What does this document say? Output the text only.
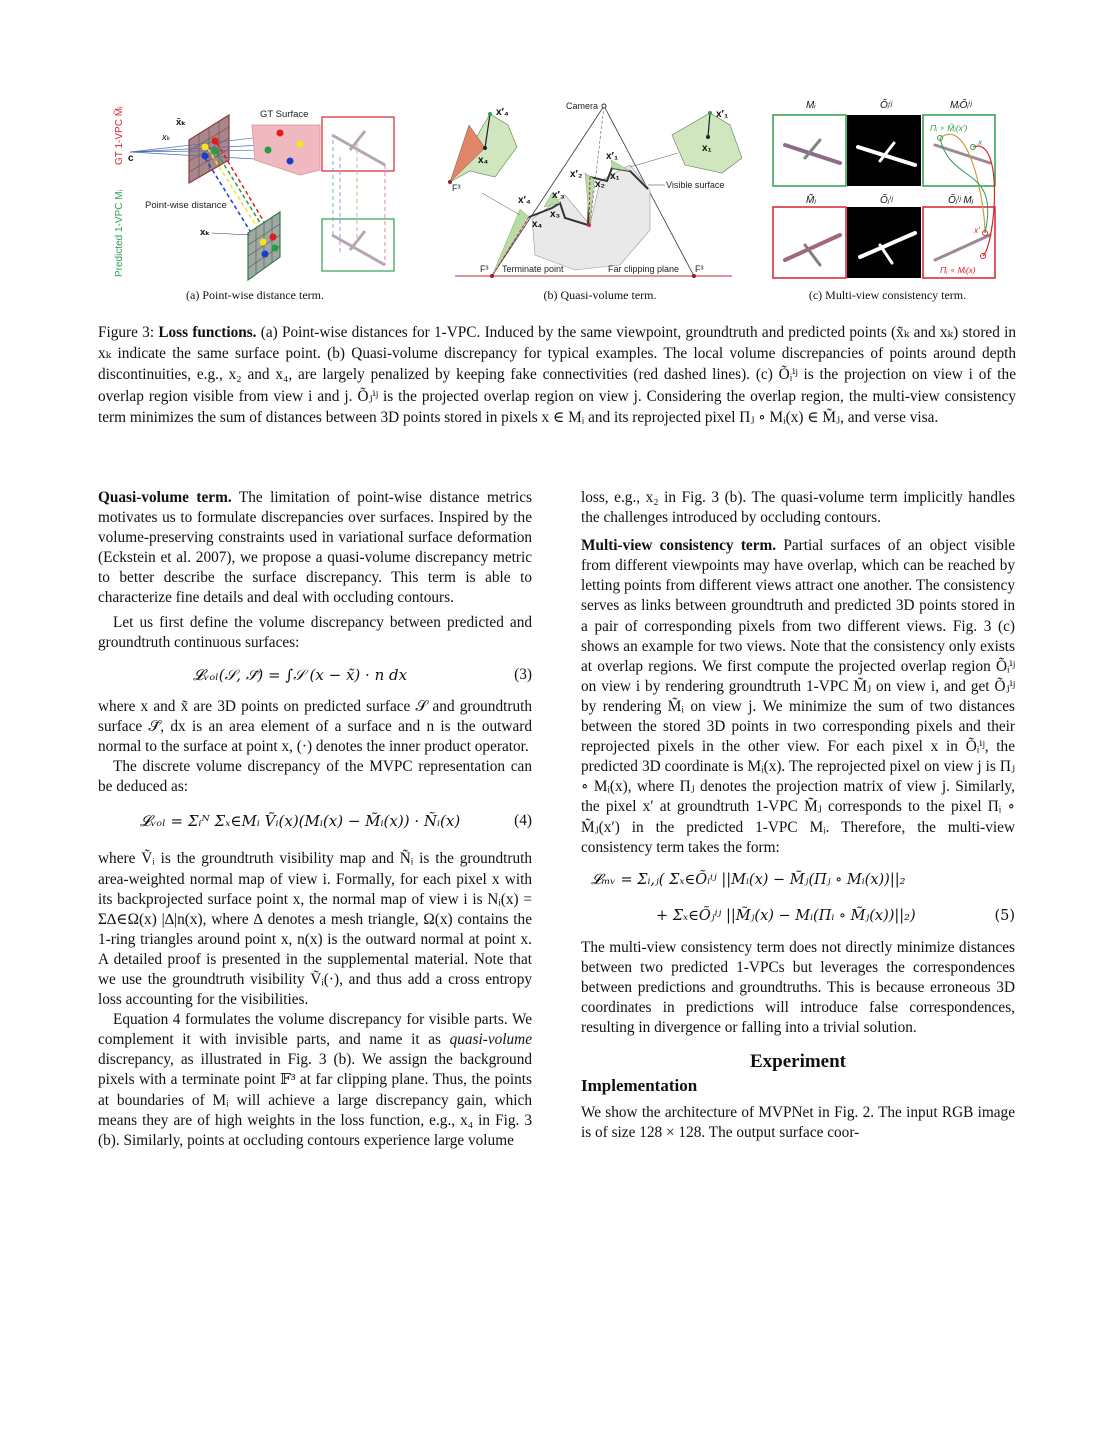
GT 1-VPC M̃ᵢ
Predicted 1-VPC Mᵢ
c
GT Surface
x̃ₖ
xₖ
Point-wise distance
xₖ
(a) Point-wise distance term.
Camera
x′₄
x₄
x′₃
x₃
x′₂
x₂
x′₁
x₁
Visible surface
F³ Terminate point	Far clipping plane F³
x′₄
x₄
F³
x′₁
x₁
(b) Quasi-volume term.
Mᵢ	Õᵢⁱʲ	MᵢÕᵢⁱʲ
M̃ⱼ	Õⱼⁱʲ	Õⱼⁱʲ Mⱼ
Πᵢ ∘ M̃ⱼ(x′)
x
x′
Πⱼ ∘ Mᵢ(x)
(c) Multi-view consistency term.
Figure 3: Loss functions. (a) Point-wise distances for 1-VPC. Induced by the same viewpoint, groundtruth and predicted points (x̃ₖ and xₖ) stored in xₖ indicate the same surface point. (b) Quasi-volume discrepancy for typical examples. The local volume discrepancies of points around depth discontinuities, e.g., x₂ and x₄, are largely penalized by keeping fake connectivities (red dashed lines). (c) Õᵢⁱʲ is the projection on view i of the overlap region visible from view i and j. Õⱼⁱʲ is the projected overlap region on view j. Considering the overlap region, the multi-view consistency term minimizes the sum of distances between 3D points stored in pixels x ∈ Mᵢ and its reprojected pixel Πⱼ ∘ Mᵢ(x) ∈ M̃ⱼ, and verse visa.

Quasi-volume term. The limitation of point-wise distance metrics motivates us to formulate discrepancies over surfaces. Inspired by the volume-preserving constraints used in variational surface deformation (Eckstein et al. 2007), we propose a quasi-volume discrepancy metric to better describe the surface discrepancy. This term is able to characterize fine details and deal with occluding contours.

Let us first define the volume discrepancy between predicted and groundtruth continuous surfaces:

𝓛ᵥₒₗ(𝒮, 𝒮̃) = ∫𝒮 (x − x̃) · n dx	(3)

where x and x̃ are 3D points on predicted surface 𝒮 and groundtruth surface 𝒮̃, dx is an area element of a surface and n is the outward normal to the surface at point x, (·) denotes the inner product operator.

The discrete volume discrepancy of the MVPC representation can be deduced as:

𝓛ᵥₒₗ = Σᵢᴺ Σₓ∈Mᵢ Ṽᵢ(x)(Mᵢ(x) − M̃ᵢ(x)) · Ñᵢ(x)	(4)

where Ṽᵢ is the groundtruth visibility map and Ñᵢ is the groundtruth area-weighted normal map of view i. Formally, for each pixel x with its backprojected surface point x, the normal map of view i is Nᵢ(x) = Σ∆∈Ω(x) |∆|n(x), where ∆ denotes a mesh triangle, Ω(x) contains the 1-ring triangles around point x, n(x) is the outward normal at point x. A detailed proof is presented in the supplemental material. Note that we use the groundtruth visibility Ṽᵢ(·), and thus add a cross entropy loss accounting for the visibilities.

Equation 4 formulates the volume discrepancy for visible parts. We complement it with invisible parts, and name it as quasi-volume discrepancy, as illustrated in Fig. 3 (b). We assign the background pixels with a terminate point 𝔽³ at far clipping plane. Thus, the points at boundaries of Mᵢ will achieve a large discrepancy gain, which means they are of high weights in the loss function, e.g., x₄ in Fig. 3 (b). Similarly, points at occluding contours experience large volume

loss, e.g., x₂ in Fig. 3 (b). The quasi-volume term implicitly handles the challenges introduced by occluding contours.

Multi-view consistency term. Partial surfaces of an object visible from different viewpoints may have overlap, which can be reached by letting points from different views attract one another. The consistency serves as links between groundtruth and predicted 3D points stored in a pair of corresponding pixels from two different views. Fig. 3 (c) shows an example for two views. Note that the consistency only exists at overlap regions. We first compute the projected overlap region Õᵢⁱʲ on view i by rendering groundtruth 1-VPC M̃ⱼ on view i, and get Õⱼⁱʲ by rendering M̃ᵢ on view j. We minimize the sum of two distances between the stored 3D points in two corresponding pixels and their reprojected pixels in the other view. For each pixel x in Õᵢⁱʲ, the predicted 3D coordinate is Mᵢ(x). The reprojected pixel on view j is Πⱼ ∘ Mᵢ(x), where Πⱼ denotes the projection matrix of view j. Similarly, the pixel x′ at groundtruth 1-VPC M̃ⱼ corresponds to the pixel Πᵢ ∘ M̃ⱼ(x′) in the predicted 1-VPC Mᵢ. Therefore, the multi-view consistency term takes the form:

𝓛ₘᵥ = Σᵢ,ⱼ( Σₓ∈Õᵢⁱʲ ||Mᵢ(x) − M̃ⱼ(Πⱼ ∘ Mᵢ(x))||₂
+ Σₓ∈Õⱼⁱʲ ||M̃ⱼ(x) − Mᵢ(Πᵢ ∘ M̃ⱼ(x))||₂)	(5)

The multi-view consistency term does not directly minimize distances between two predicted 1-VPCs but leverages the correspondences between predictions and groundtruths. This is because erroneous 3D coordinates in predictions will introduce false correspondences, resulting in divergence or falling into a trivial solution.

Experiment
Implementation

We show the architecture of MVPNet in Fig. 2. The input RGB image is of size 128 × 128. The output surface coor-
